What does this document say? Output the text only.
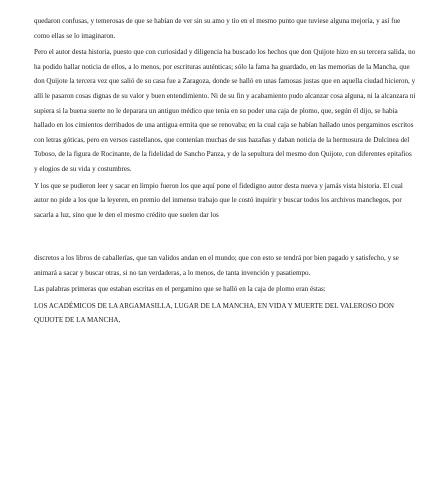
quedaron confusas, y temerosas de que se habían de ver sin su amo y tío en el mesmo punto que tuviese alguna mejoría, y así fue como ellas se lo imaginaron.

Pero el autor desta historia, puesto que con curiosidad y diligencia ha buscado los hechos que don Quijote hizo en su tercera salida, no ha podido hallar noticia de ellos, a lo menos, por escrituras auténticas; sólo la fama ha guardado, en las memorias de la Mancha, que don Quijote la tercera vez que salió de su casa fue a Zaragoza, donde se halló en unas famosas justas que en aquella ciudad hicieron, y allí le pasaron cosas dignas de su valor y buen entendimiento. Ni de su fin y acabamiento pudo alcanzar cosa alguna, ni la alcanzara ni supiera si la buena suerte no le deparara un antiguo médico que tenía en su poder una caja de plomo, que, según él dijo, se había hallado en los cimientos derribados de una antigua ermita que se renovaba; en la cual caja se habían hallado unos pergaminos escritos con letras góticas, pero en versos castellanos, que contenían muchas de sus hazañas y daban noticia de la hermosura de Dulcinea del Toboso, de la figura de Rocinante, de la fidelidad de Sancho Panza, y de la sepultura del mesmo don Quijote, con diferentes epitafios y elogios de su vida y costumbres.

Y los que se pudieron leer y sacar en limpio fueron los que aquí pone el fidedigno autor desta nueva y jamás vista historia. El cual autor no pide a los que la leyeren, en premio del inmenso trabajo que le costó inquirir y buscar todos los archivos manchegos, por sacarla a luz, sino que le den el mesmo crédito que suelen dar los

discretos a los libros de caballerías, que tan validos andan en el mundo; que con esto se tendrá por bien pagado y satisfecho, y se animará a sacar y buscar otras, si no tan verdaderas, a lo menos, de tanta invención y pasatiempo.

Las palabras primeras que estaban escritas en el pergamino que se halló en la caja de plomo eran éstas:

LOS ACADÉMICOS DE LA ARGAMASILLA, LUGAR DE LA MANCHA, EN VIDA Y MUERTE DEL VALEROSO DON QUIJOTE DE LA MANCHA,
